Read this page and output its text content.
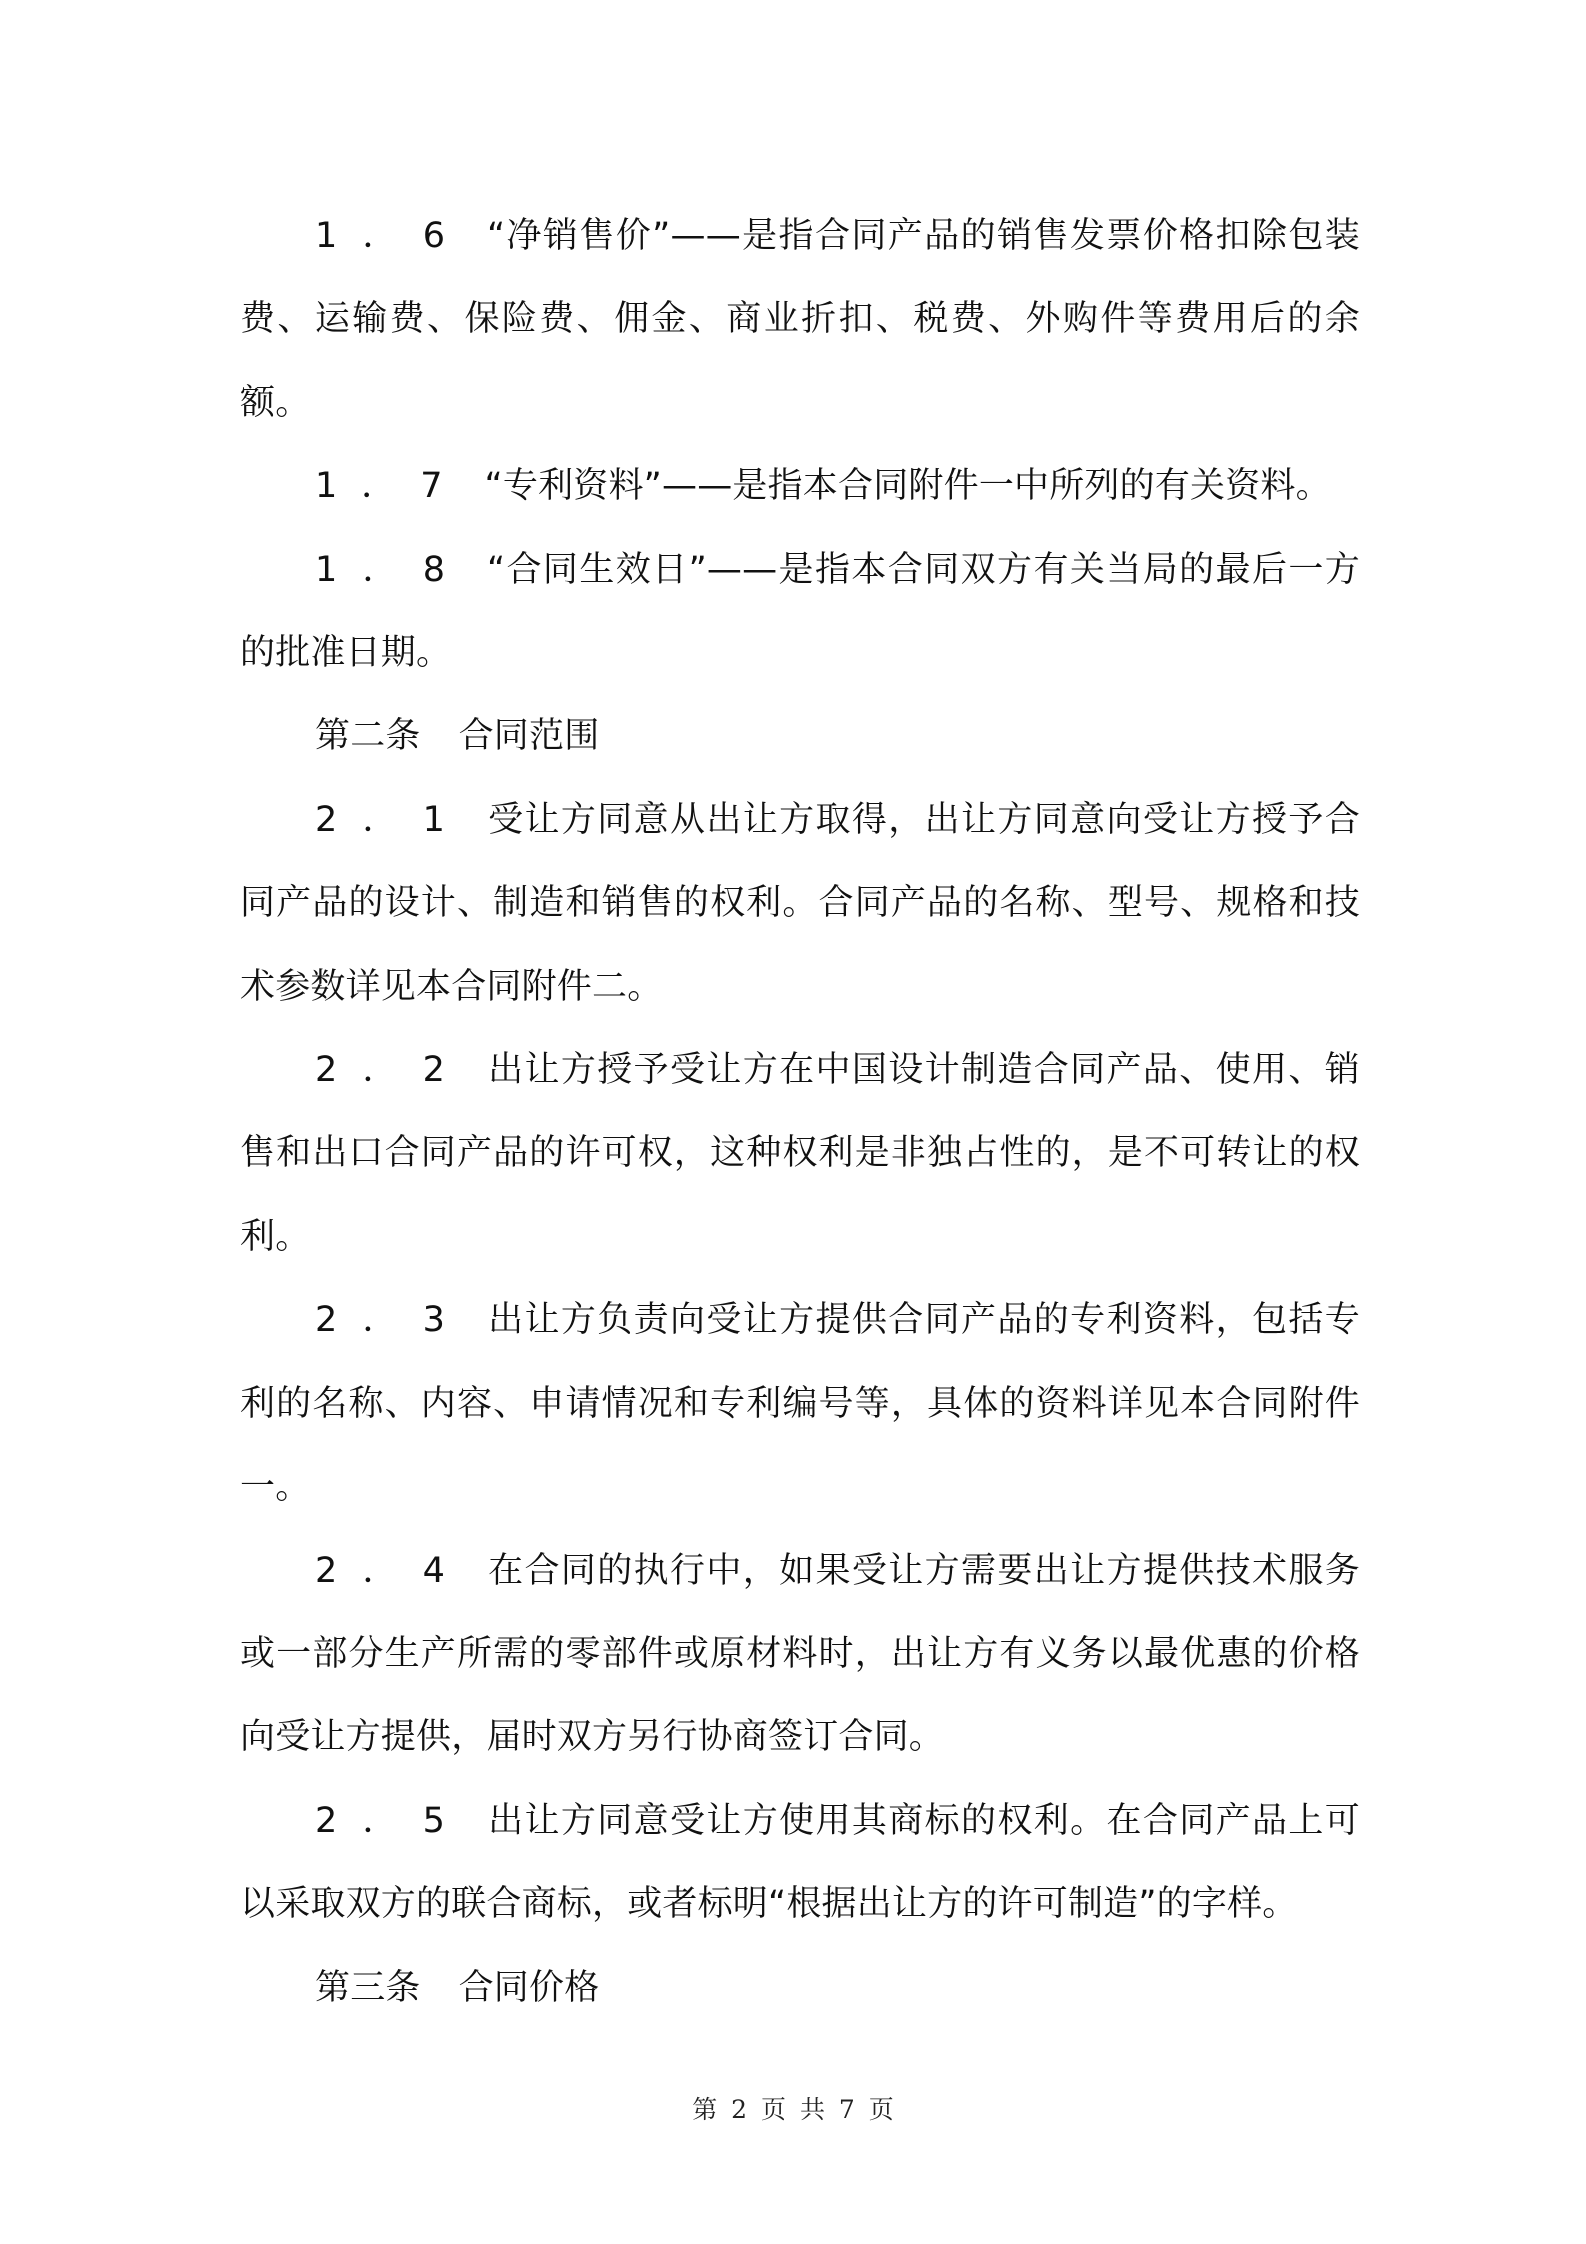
1．6 “净销售价”——是指合同产品的销售发票价格扣除包装费、运输费、保险费、佣金、商业折扣、税费、外购件等费用后的余额。

1．7 “专利资料”——是指本合同附件一中所列的有关资料。

1．8 “合同生效日”——是指本合同双方有关当局的最后一方的批准日期。

第二条 合同范围

2．1 受让方同意从出让方取得，出让方同意向受让方授予合同产品的设计、制造和销售的权利。合同产品的名称、型号、规格和技术参数详见本合同附件二。

2．2 出让方授予受让方在中国设计制造合同产品、使用、销售和出口合同产品的许可权，这种权利是非独占性的，是不可转让的权利。

2．3 出让方负责向受让方提供合同产品的专利资料，包括专利的名称、内容、申请情况和专利编号等，具体的资料详见本合同附件一。

2．4 在合同的执行中，如果受让方需要出让方提供技术服务或一部分生产所需的零部件或原材料时，出让方有义务以最优惠的价格向受让方提供，届时双方另行协商签订合同。

2．5 出让方同意受让方使用其商标的权利。在合同产品上可以采取双方的联合商标，或者标明“根据出让方的许可制造”的字样。

第三条 合同价格

第 2 页 共 7 页
